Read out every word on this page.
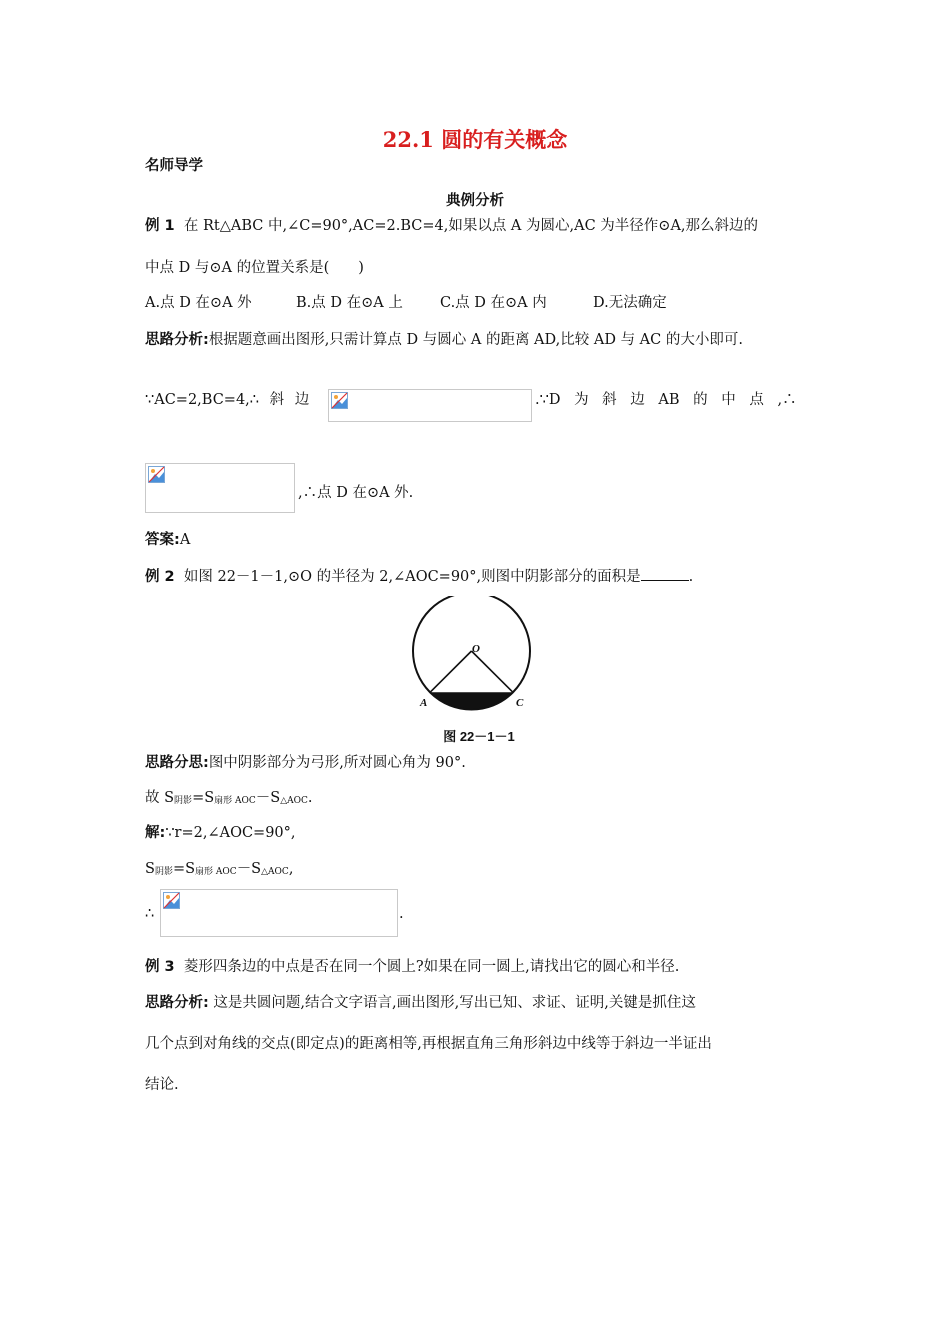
22.1 圆的有关概念
名师导学
典例分析
例 1 在 Rt△ABC 中,∠C=90°,AC=2.BC=4,如果以点 A 为圆心,AC 为半径作⊙A,那么斜边的
中点 D 与⊙A 的位置关系是(　　)
A.点 D 在⊙A 外	B.点 D 在⊙A 上	C.点 D 在⊙A 内	D.无法确定
思路分析:根据题意画出图形,只需计算点 D 与圆心 A 的距离 AD,比较 AD 与 AC 的大小即可.
∵AC=2,BC=4,∴ 斜 边	.∵D 为 斜 边 AB 的 中 点 ,∴
,∴点 D 在⊙A 外.
答案:A
例 2 如图 22－1－1,⊙O 的半径为 2,∠AOC=90°,则图中阴影部分的面积是	.
O
A	C
图 22－1－1
思路分思:图中阴影部分为弓形,所对圆心角为 90°.
故 S阴影=S扇形 AOC－S△AOC.
解:∵r=2,∠AOC=90°,
S阴影=S扇形 AOC－S△AOC,
∴	.
例 3 菱形四条边的中点是否在同一个圆上?如果在同一圆上,请找出它的圆心和半径.
思路分析: 这是共圆问题,结合文字语言,画出图形,写出已知、求证、证明,关键是抓住这
几个点到对角线的交点(即定点)的距离相等,再根据直角三角形斜边中线等于斜边一半证出
结论.
